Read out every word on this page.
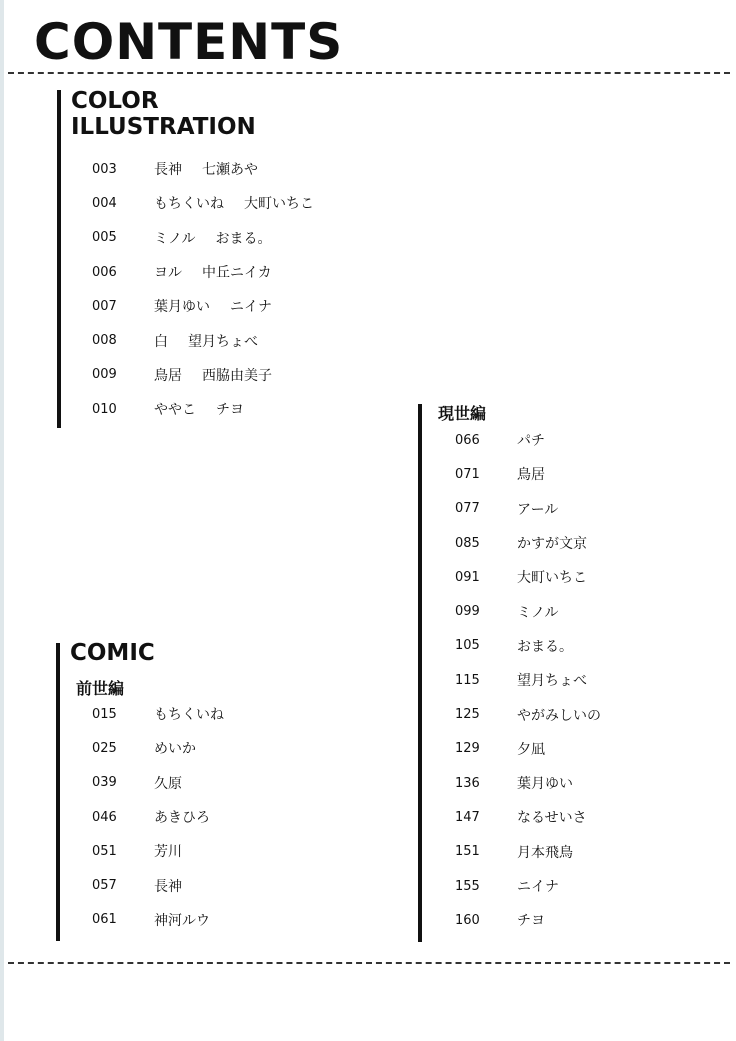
CONTENTS
COLOR
ILLUSTRATION
003	長神 七瀬あや
004	もちくいね 大町いちこ
005	ミノル おまる。
006	ヨル 中丘ニイカ
007	葉月ゆい ニイナ
008	白 望月ちょべ
009	鳥居 西脇由美子
010	ややこ チヨ
COMIC
前世編
015	もちくいね
025	めいか
039	久原
046	あきひろ
051	芳川
057	長神
061	神河ルウ
現世編
066	パチ
071	鳥居
077	アール
085	かすが文京
091	大町いちこ
099	ミノル
105	おまる。
115	望月ちょべ
125	やがみしいの
129	夕凪
136	葉月ゆい
147	なるせいさ
151	月本飛鳥
155	ニイナ
160	チヨ
